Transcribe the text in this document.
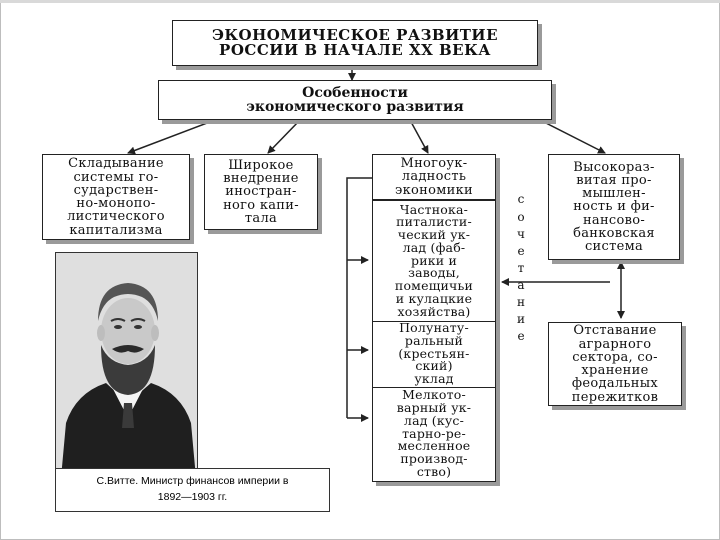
ЭКОНОМИЧЕСКОЕ РАЗВИТИЕ
РОССИИ В НАЧАЛЕ XX ВЕКА
Особенности
экономического развития
Складывание
системы го-
сударствен-
но-монопо-
листического
капитализма
Широкое
внедрение
иностран-
ного капи-
тала
Многоук-
ладность
экономики
Высокораз-
витая про-
мышлен-
ность и фи-
нансово-
банковская
система
Частнока-
питалисти-
ческий ук-
лад (фаб-
рики и
заводы,
помещичьи
и кулацкие
хозяйства)
Полунату-
ральный
(крестьян-
ский)
уклад
Мелкото-
варный ук-
лад (кус-
тарно-ре-
месленное
производ-
ство)
с
о
ч
е
т
а
н
и
е	Отставание
аграрного
сектора, со-
хранение
феодальных
пережитков
С.Витте. Министр финансов империи в
1892—1903 гг.
